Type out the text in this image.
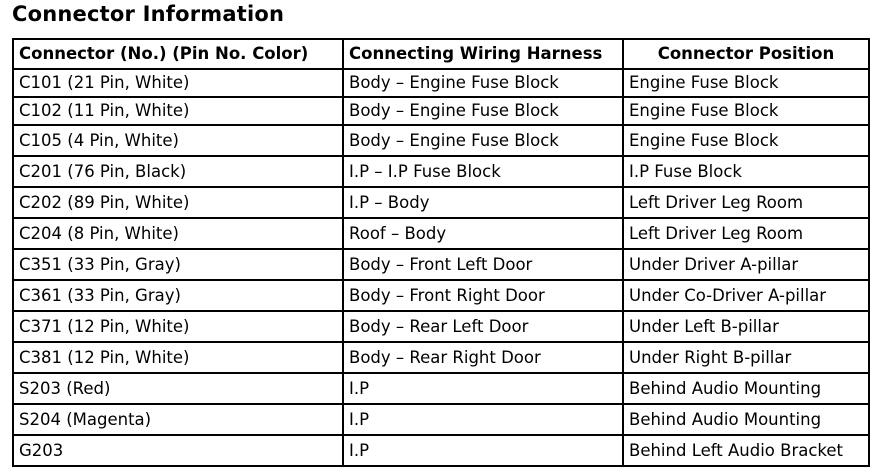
Connector Information
Connector (No.) (Pin No. Color)	Connecting Wiring Harness	Connector Position
C101 (21 Pin, White)	Body – Engine Fuse Block	Engine Fuse Block
C102 (11 Pin, White)	Body – Engine Fuse Block	Engine Fuse Block
C105 (4 Pin, White)	Body – Engine Fuse Block	Engine Fuse Block
C201 (76 Pin, Black)	I.P – I.P Fuse Block	I.P Fuse Block
C202 (89 Pin, White)	I.P – Body	Left Driver Leg Room
C204 (8 Pin, White)	Roof – Body	Left Driver Leg Room
C351 (33 Pin, Gray)	Body – Front Left Door	Under Driver A-pillar
C361 (33 Pin, Gray)	Body – Front Right Door	Under Co-Driver A-pillar
C371 (12 Pin, White)	Body – Rear Left Door	Under Left B-pillar
C381 (12 Pin, White)	Body – Rear Right Door	Under Right B-pillar
S203 (Red)	I.P	Behind Audio Mounting
S204 (Magenta)	I.P	Behind Audio Mounting
G203	I.P	Behind Left Audio Bracket
